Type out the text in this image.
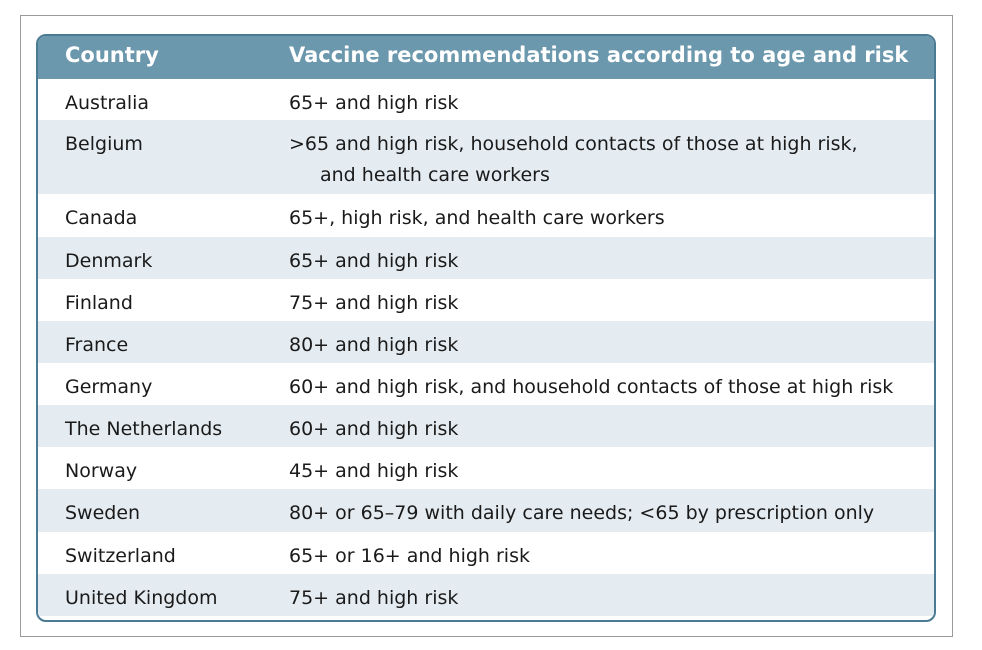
Country	Vaccine recommendations according to age and risk
Australia	65+ and high risk
Belgium	>65 and high risk, household contacts of those at high risk,
and health care workers
Canada	65+, high risk, and health care workers
Denmark	65+ and high risk
Finland	75+ and high risk
France	80+ and high risk
Germany	60+ and high risk, and household contacts of those at high risk
The Netherlands	60+ and high risk
Norway	45+ and high risk
Sweden	80+ or 65–79 with daily care needs; <65 by prescription only
Switzerland	65+ or 16+ and high risk
United Kingdom	75+ and high risk
